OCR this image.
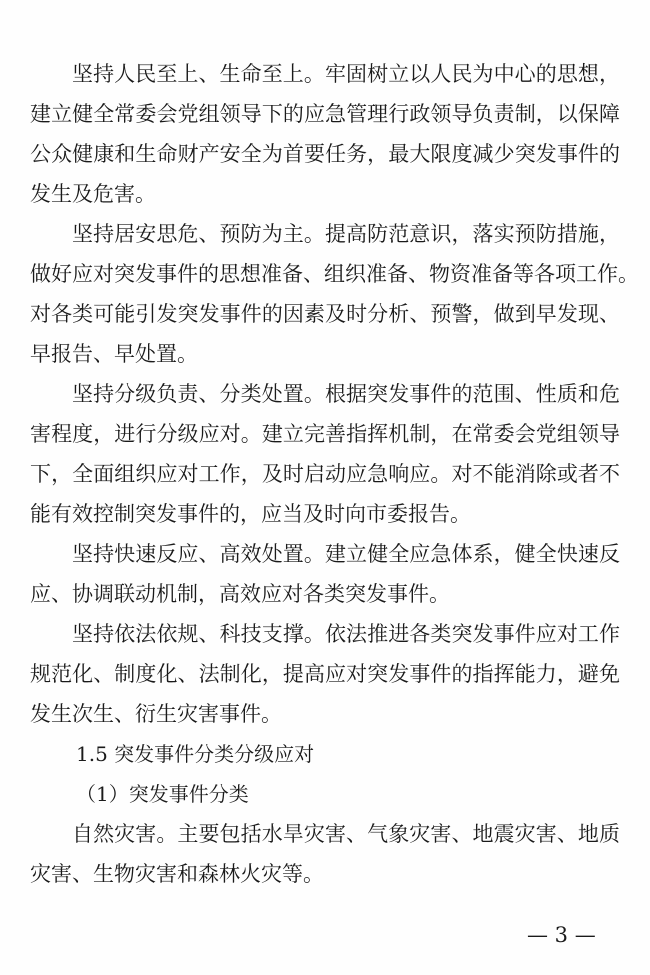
坚持人民至上、生命至上。牢固树立以人民为中心的思想，
建立健全常委会党组领导下的应急管理行政领导负责制，以保障
公众健康和生命财产安全为首要任务，最大限度减少突发事件的
发生及危害。
坚持居安思危、预防为主。提高防范意识，落实预防措施，
做好应对突发事件的思想准备、组织准备、物资准备等各项工作。
对各类可能引发突发事件的因素及时分析、预警，做到早发现、
早报告、早处置。
坚持分级负责、分类处置。根据突发事件的范围、性质和危
害程度，进行分级应对。建立完善指挥机制，在常委会党组领导
下，全面组织应对工作，及时启动应急响应。对不能消除或者不
能有效控制突发事件的，应当及时向市委报告。
坚持快速反应、高效处置。建立健全应急体系，健全快速反
应、协调联动机制，高效应对各类突发事件。
坚持依法依规、科技支撑。依法推进各类突发事件应对工作
规范化、制度化、法制化，提高应对突发事件的指挥能力，避免
发生次生、衍生灾害事件。
1.5 突发事件分类分级应对
（1）突发事件分类
自然灾害。主要包括水旱灾害、气象灾害、地震灾害、地质
灾害、生物灾害和森林火灾等。
— 3 —
